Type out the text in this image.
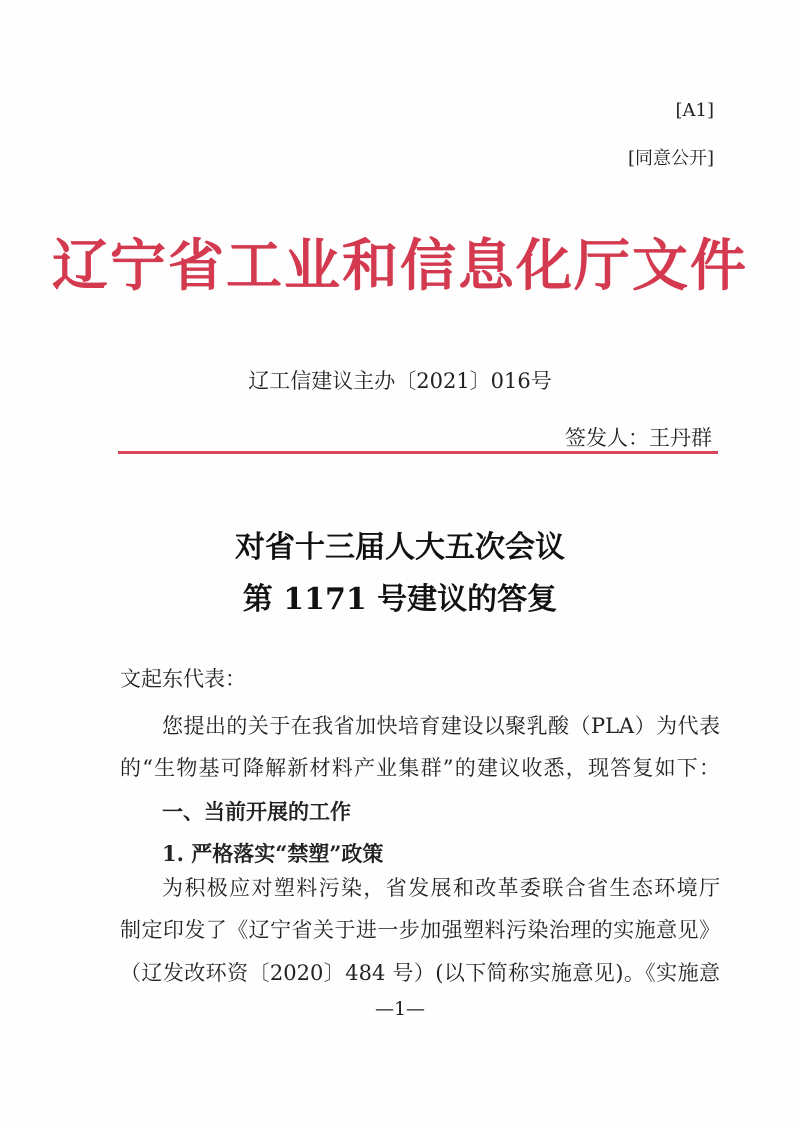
[A1]
[同意公开]
辽宁省工业和信息化厅文件
辽工信建议主办〔2021〕016号
签发人：王丹群
对省十三届人大五次会议
第 1171 号建议的答复
文起东代表：
您提出的关于在我省加快培育建设以聚乳酸（PLA）为代表
的“生物基可降解新材料产业集群”的建议收悉，现答复如下：
一、当前开展的工作
1. 严格落实“禁塑”政策
为积极应对塑料污染，省发展和改革委联合省生态环境厅
制定印发了《辽宁省关于进一步加强塑料污染治理的实施意见》
（辽发改环资〔2020〕484 号）(以下简称实施意见)。《实施意
—1—
